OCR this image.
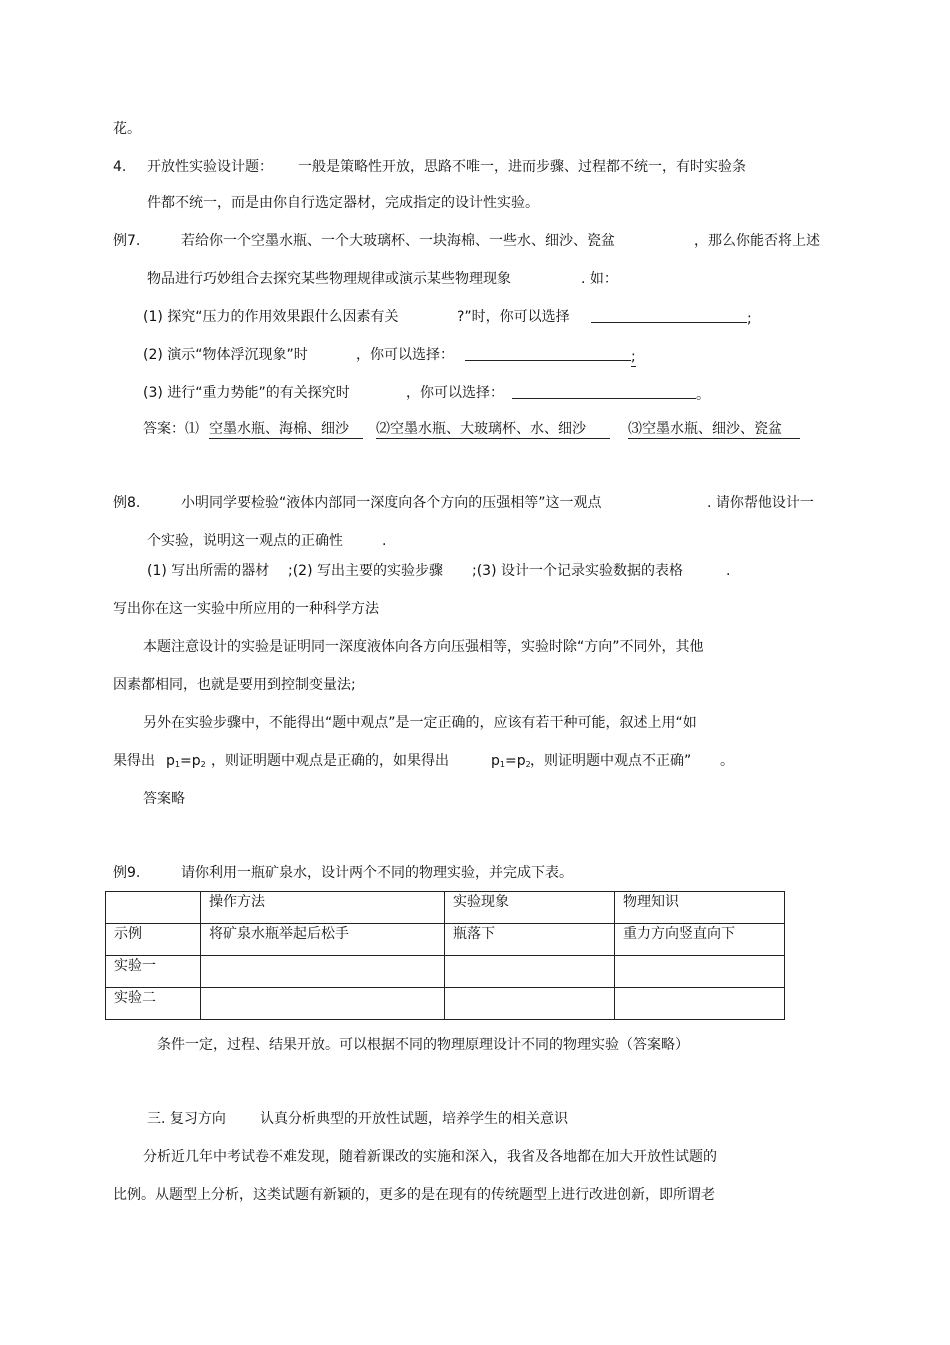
花。
4. 开放性实验设计题： 一般是策略性开放，思路不唯一，进而步骤、过程都不统一，有时实验条
件都不统一，而是由你自行选定器材，完成指定的设计性实验。
例7.	若给你一个空墨水瓶、一个大玻璃杯、一块海棉、一些水、细沙、瓷盆	，那么你能否将上述
物品进行巧妙组合去探究某些物理规律或演示某些物理现象	. 如：
(1) 探究“压力的作用效果跟什么因素有关	?”时，你可以选择	;
(2) 演示“物体浮沉现象”时	，你可以选择：	;
(3) 进行“重力势能”的有关探究时	，你可以选择：	。
答案：⑴ 空墨水瓶、海棉、细沙	⑵空墨水瓶、大玻璃杯、水、细沙	⑶空墨水瓶、细沙、瓷盆
例8.	小明同学要检验“液体内部同一深度向各个方向的压强相等”这一观点	. 请你帮他设计一
个实验，说明这一观点的正确性	.
(1) 写出所需的器材 ;(2) 写出主要的实验步骤 ;(3) 设计一个记录实验数据的表格	.
写出你在这一实验中所应用的一种科学方法
本题注意设计的实验是证明同一深度液体向各方向压强相等，实验时除“方向”不同外，其他
因素都相同，也就是要用到控制变量法;
另外在实验步骤中，不能得出“题中观点”是一定正确的，应该有若干种可能，叙述上用“如
果得出 $p_1=p_2$ ，则证明题中观点是正确的，如果得出	$p_1=p_2$ ，则证明题中观点不正确” 。
答案略
例9.	请你利用一瓶矿泉水，设计两个不同的物理实验，并完成下表。
	操作方法	实验现象	物理知识
示例	将矿泉水瓶举起后松手	瓶落下	重力方向竖直向下
实验一			
实验二			
条件一定，过程、结果开放。可以根据不同的物理原理设计不同的物理实验（答案略）
三. 复习方向 认真分析典型的开放性试题，培养学生的相关意识
分析近几年中考试卷不难发现，随着新课改的实施和深入，我省及各地都在加大开放性试题的
比例。从题型上分析，这类试题有新颖的，更多的是在现有的传统题型上进行改进创新，即所谓老
